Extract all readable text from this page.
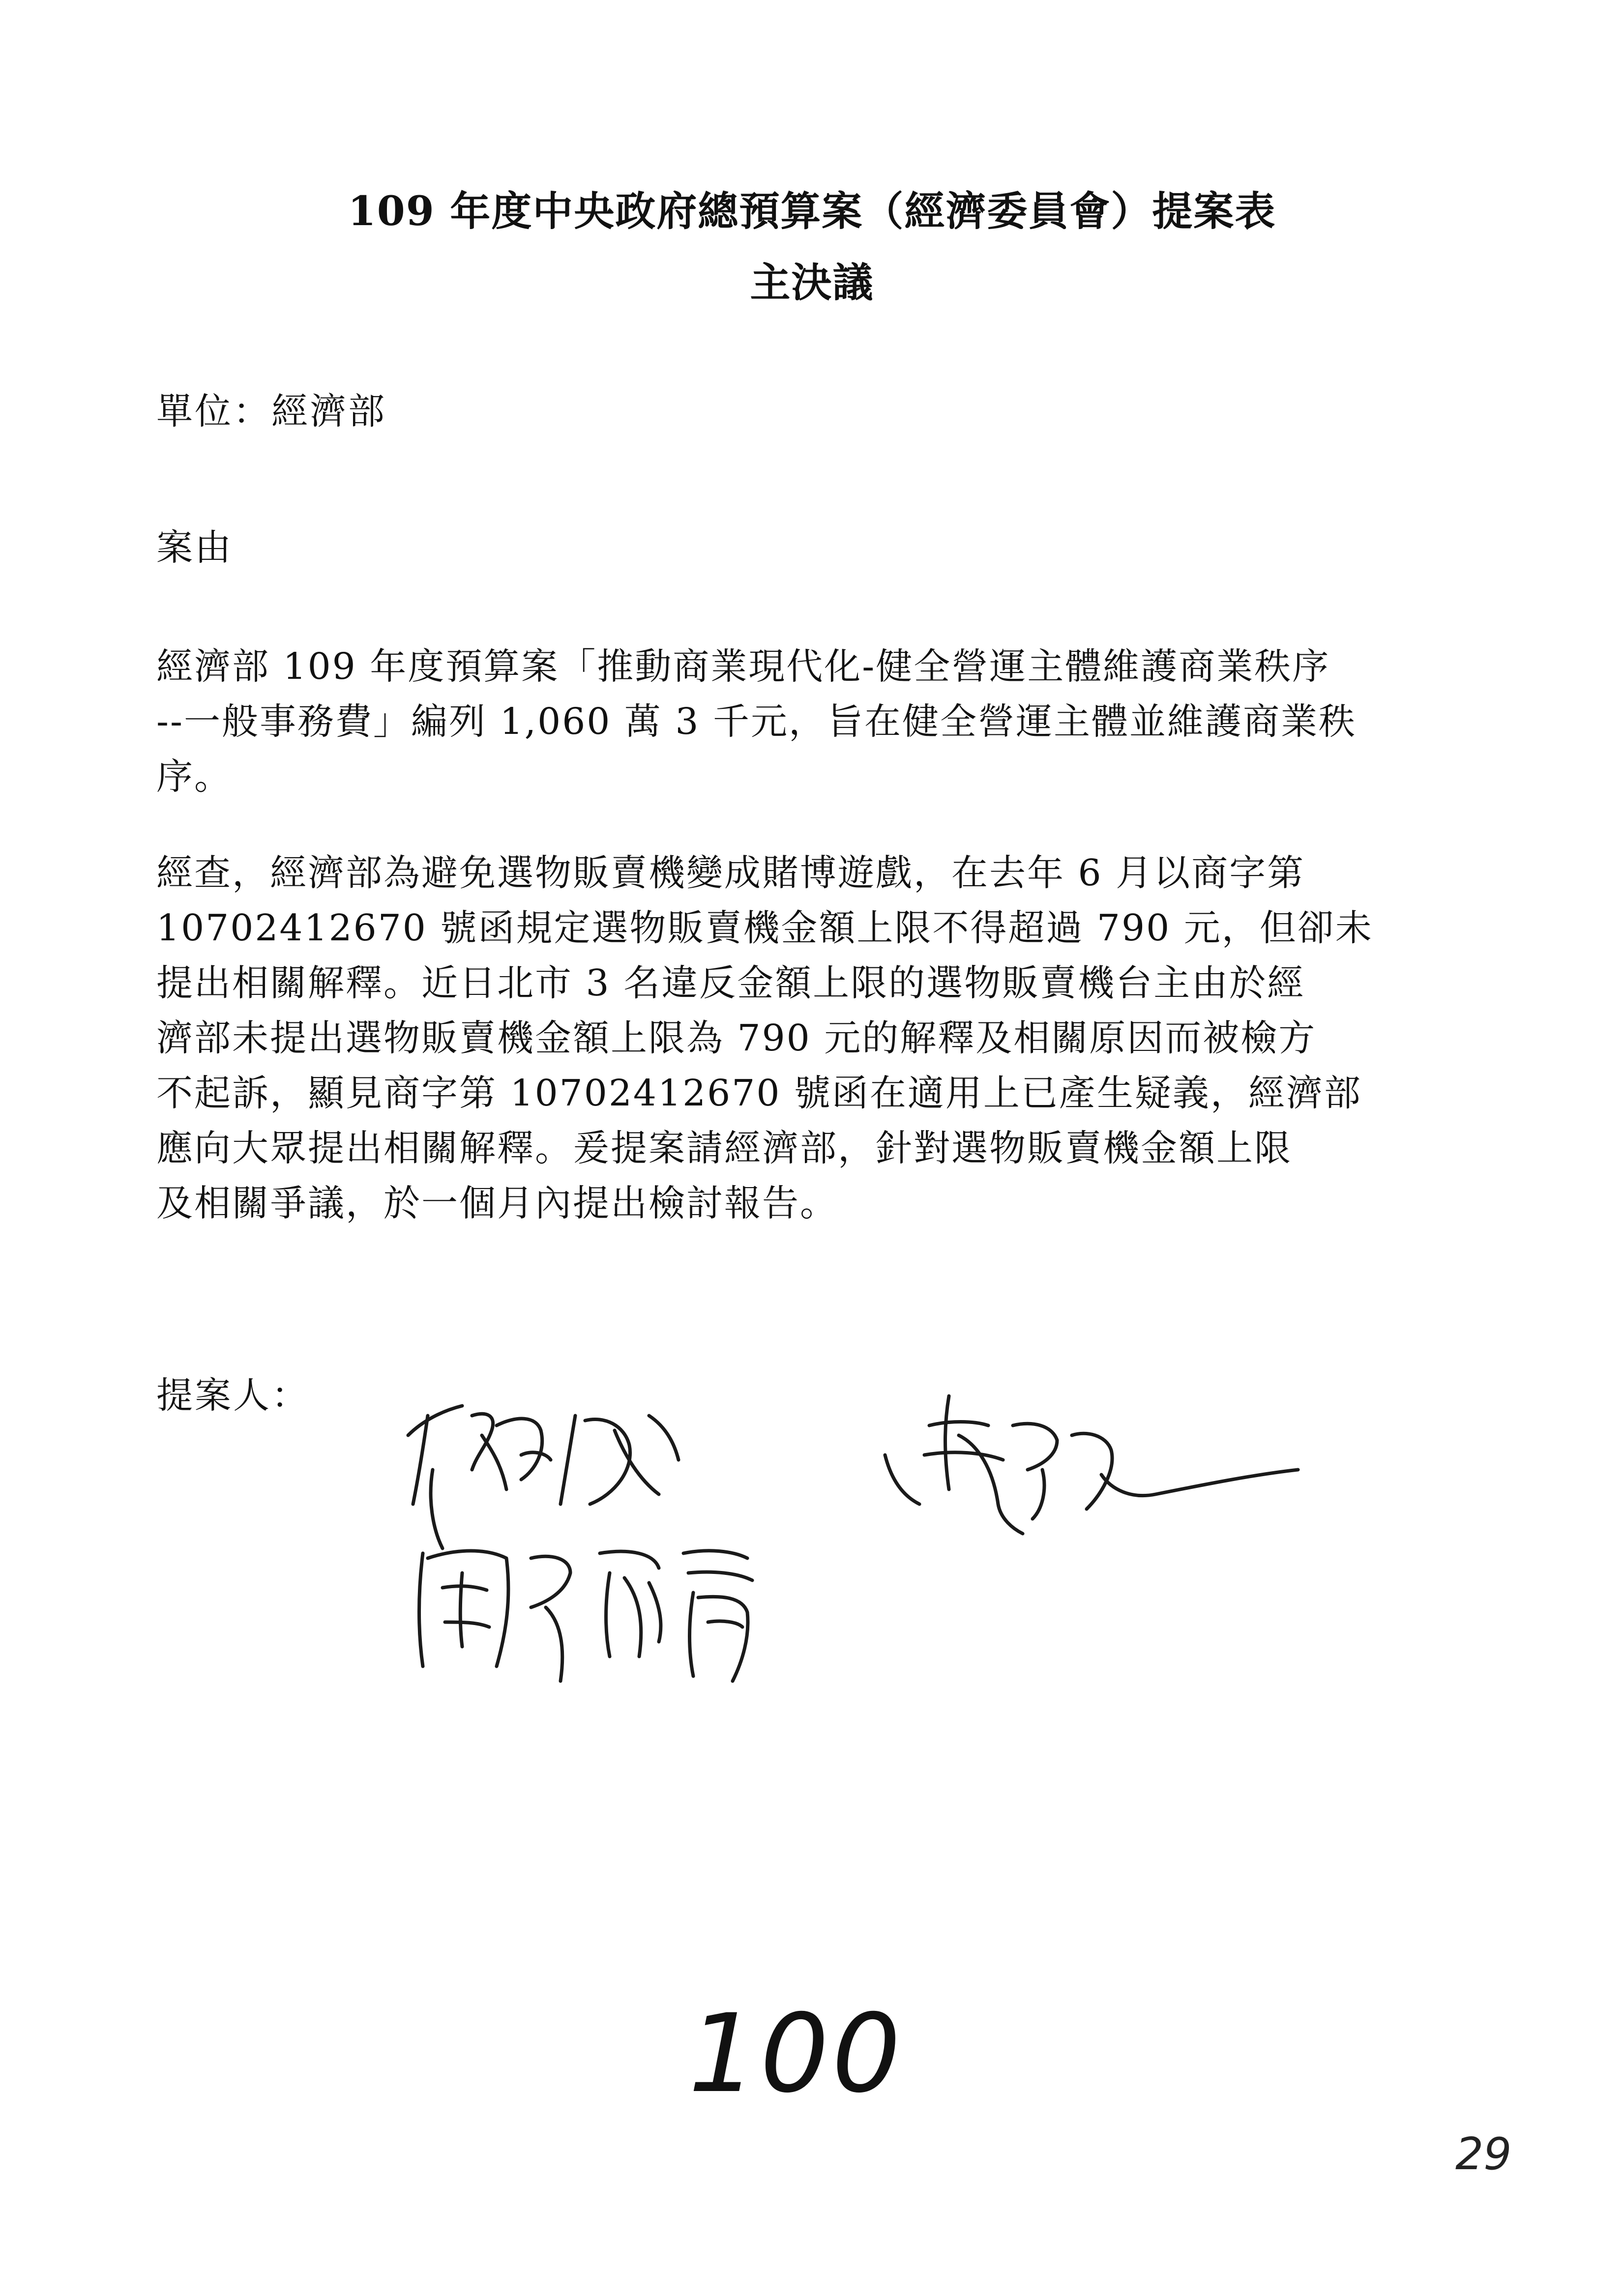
109 年度中央政府總預算案（經濟委員會）提案表
主決議
單位：經濟部
案由
經濟部 109 年度預算案「推動商業現代化-健全營運主體維護商業秩序
--一般事務費」編列 1,060 萬 3 千元，旨在健全營運主體並維護商業秩
序。
經查，經濟部為避免選物販賣機變成賭博遊戲，在去年 6 月以商字第
10702412670 號函規定選物販賣機金額上限不得超過 790 元，但卻未
提出相關解釋。近日北市 3 名違反金額上限的選物販賣機台主由於經
濟部未提出選物販賣機金額上限為 790 元的解釋及相關原因而被檢方
不起訴，顯見商字第 10702412670 號函在適用上已產生疑義，經濟部
應向大眾提出相關解釋。爰提案請經濟部，針對選物販賣機金額上限
及相關爭議，於一個月內提出檢討報告。
提案人：
100
29
